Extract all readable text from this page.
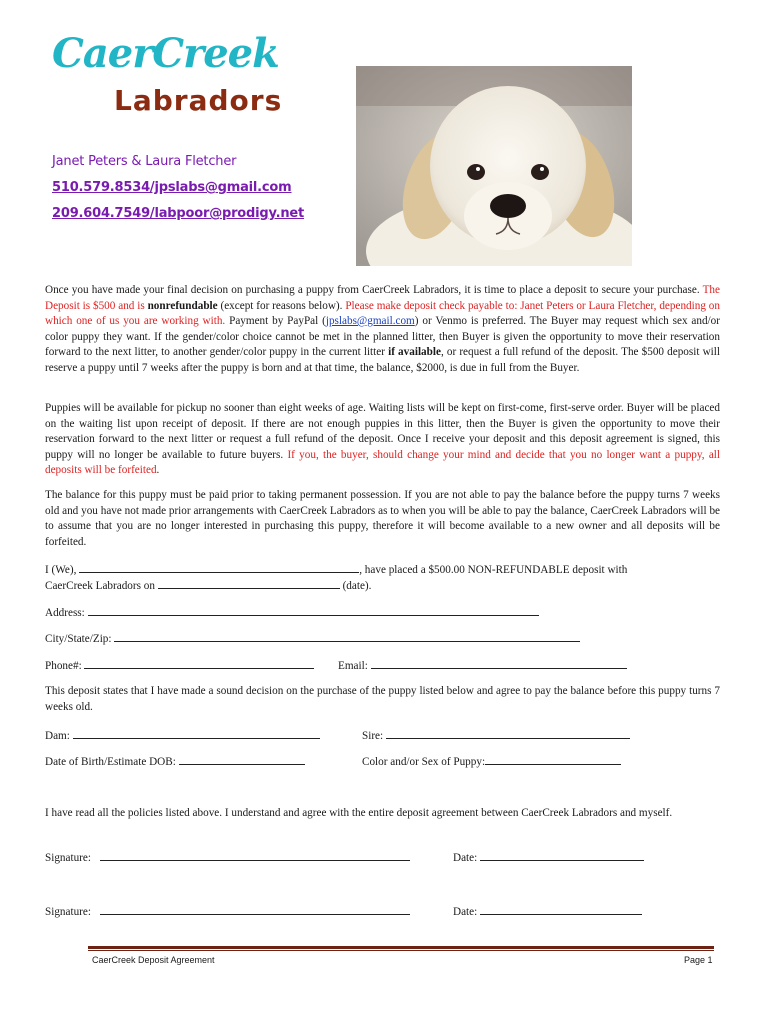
CaerCreek
Labradors
Janet Peters & Laura Fletcher
510.579.8534/jpslabs@gmail.com
209.604.7549/labpoor@prodigy.net
Once you have made your final decision on purchasing a puppy from CaerCreek Labradors, it is time to place a deposit to secure your purchase. The Deposit is $500 and is nonrefundable (except for reasons below). Please make deposit check payable to: Janet Peters or Laura Fletcher, depending on which one of us you are working with. Payment by PayPal (jpslabs@gmail.com) or Venmo is preferred. The Buyer may request which sex and/or color puppy they want. If the gender/color choice cannot be met in the planned litter, then Buyer is given the opportunity to move their reservation forward to the next litter, to another gender/color puppy in the current litter if available, or request a full refund of the deposit. The $500 deposit will reserve a puppy until 7 weeks after the puppy is born and at that time, the balance, $2000, is due in full from the Buyer.
Puppies will be available for pickup no sooner than eight weeks of age. Waiting lists will be kept on first-come, first-serve order. Buyer will be placed on the waiting list upon receipt of deposit. If there are not enough puppies in this litter, then the Buyer is given the opportunity to move their reservation forward to the next litter or request a full refund of the deposit. Once I receive your deposit and this deposit agreement is signed, this puppy will no longer be available to future buyers. If you, the buyer, should change your mind and decide that you no longer want a puppy, all deposits will be forfeited.
The balance for this puppy must be paid prior to taking permanent possession. If you are not able to pay the balance before the puppy turns 7 weeks old and you have not made prior arrangements with CaerCreek Labradors as to when you will be able to pay the balance, CaerCreek Labradors will be to assume that you are no longer interested in purchasing this puppy, therefore it will become available to a new owner and all deposits will be forfeited.
I (We),	, have placed a $500.00 NON-REFUNDABLE deposit with
CaerCreek Labradors on	(date).
Address:
City/State/Zip:
Phone#:	Email:
This deposit states that I have made a sound decision on the purchase of the puppy listed below and agree to pay the balance before this puppy turns 7 weeks old.
Dam:	Sire:
Date of Birth/Estimate DOB:	Color and/or Sex of Puppy:
I have read all the policies listed above. I understand and agree with the entire deposit agreement between CaerCreek Labradors and myself.
Signature:	Date:
Signature:	Date:
CaerCreek Deposit Agreement	Page 1
